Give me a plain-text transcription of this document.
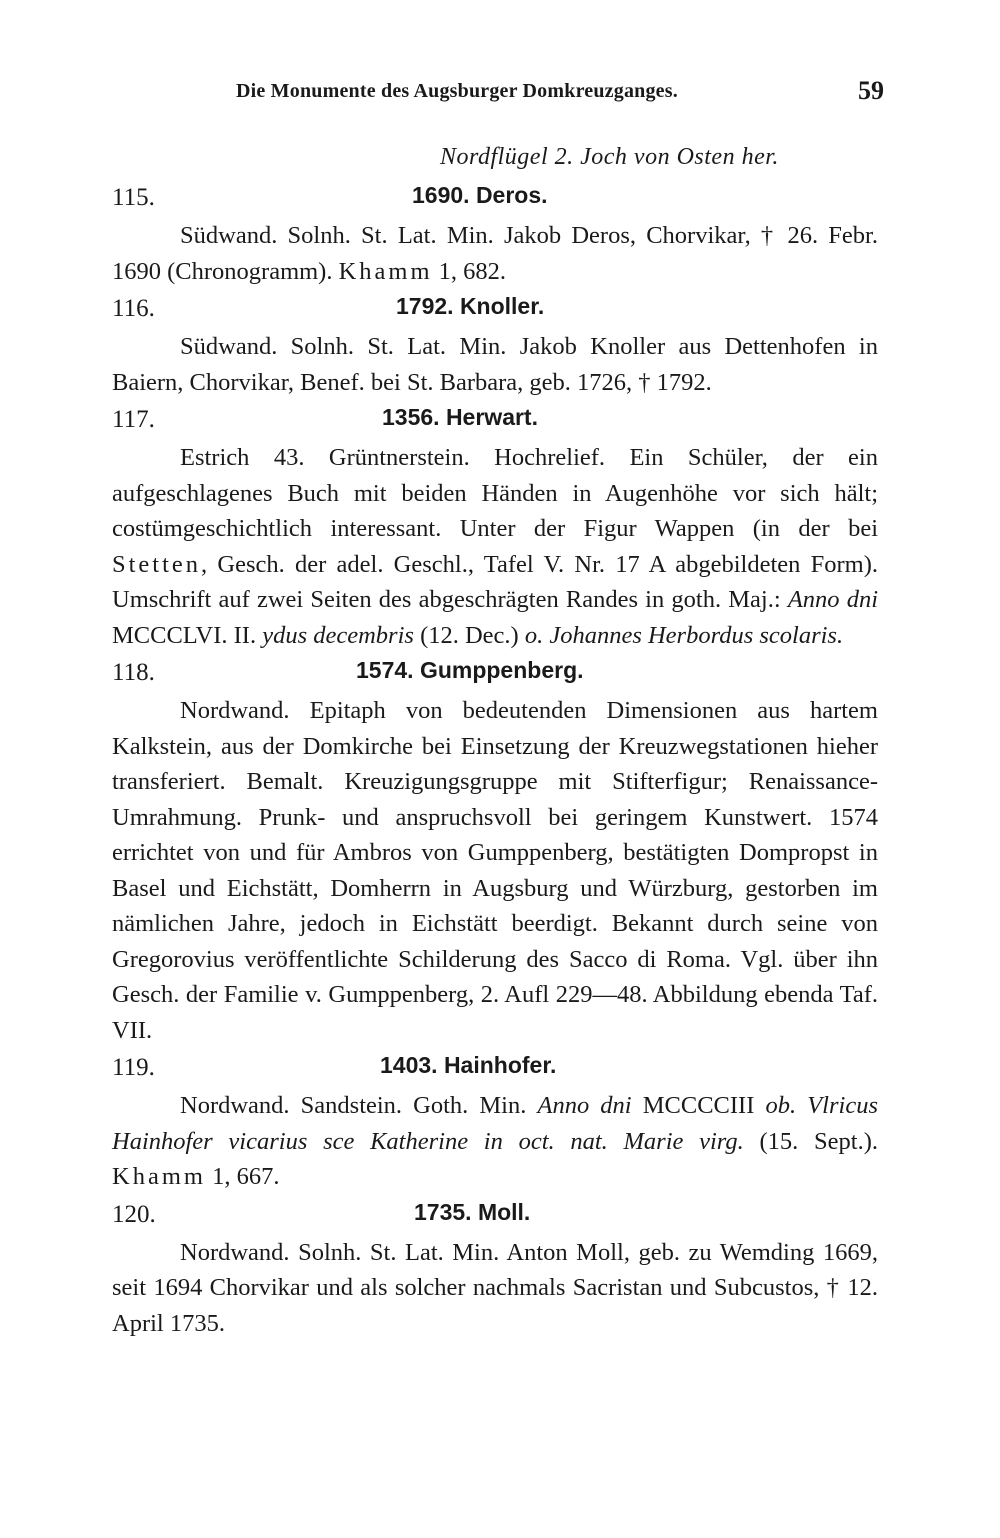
Die Monumente des Augsburger Domkreuzganges.	59
Nordflügel 2. Joch von Osten her.
115.	1690. Deros.

Südwand. Solnh. St. Lat. Min. Jakob Deros, Chorvikar, † 26. Febr. 1690 (Chronogramm). Khamm 1, 682.

116.	1792. Knoller.

Südwand. Solnh. St. Lat. Min. Jakob Knoller aus Dettenhofen in Baiern, Chorvikar, Benef. bei St. Barbara, geb. 1726, † 1792.

117.	1356. Herwart.

Estrich 43. Grüntnerstein. Hochrelief. Ein Schüler, der ein aufgeschlagenes Buch mit beiden Händen in Augenhöhe vor sich hält; costümgeschichtlich interessant. Unter der Figur Wappen (in der bei Stetten, Gesch. der adel. Geschl., Tafel V. Nr. 17 A abgebildeten Form). Umschrift auf zwei Seiten des abgeschrägten Randes in goth. Maj.: Anno dni MCCCLVI. II. ydus decembris (12. Dec.) o. Johannes Herbordus scolaris.

118.	1574. Gumppenberg.

Nordwand. Epitaph von bedeutenden Dimensionen aus hartem Kalkstein, aus der Domkirche bei Einsetzung der Kreuzwegstationen hieher transferiert. Bemalt. Kreuzigungsgruppe mit Stifterfigur; Renaissance-Umrahmung. Prunk- und anspruchsvoll bei geringem Kunstwert. 1574 errichtet von und für Ambros von Gumppenberg, bestätigten Dompropst in Basel und Eichstätt, Domherrn in Augsburg und Würzburg, gestorben im nämlichen Jahre, jedoch in Eichstätt beerdigt. Bekannt durch seine von Gregorovius veröffentlichte Schilderung des Sacco di Roma. Vgl. über ihn Gesch. der Familie v. Gumppenberg, 2. Aufl 229—48. Abbildung ebenda Taf. VII.

119.	1403. Hainhofer.

Nordwand. Sandstein. Goth. Min. Anno dni MCCCCIII ob. Vlricus Hainhofer vicarius sce Katherine in oct. nat. Marie virg. (15. Sept.). Khamm 1, 667.

120.	1735. Moll.

Nordwand. Solnh. St. Lat. Min. Anton Moll, geb. zu Wemding 1669, seit 1694 Chorvikar und als solcher nachmals Sacristan und Subcustos, † 12. April 1735.
